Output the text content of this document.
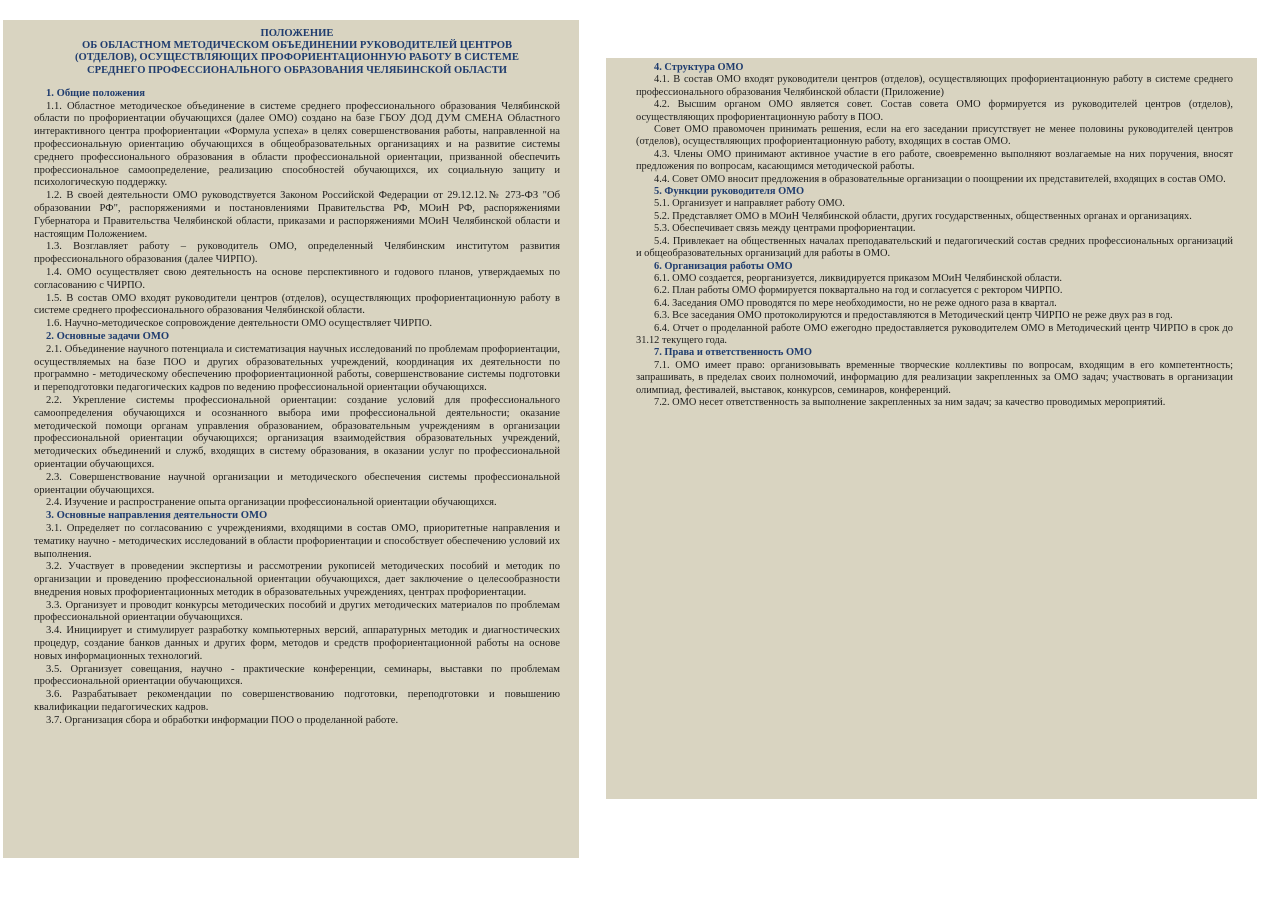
ПОЛОЖЕНИЕ
ОБ ОБЛАСТНОМ МЕТОДИЧЕСКОМ ОБЪЕДИНЕНИИ РУКОВОДИТЕЛЕЙ ЦЕНТРОВ
(ОТДЕЛОВ), ОСУЩЕСТВЛЯЮЩИХ ПРОФОРИЕНТАЦИОННУЮ РАБОТУ В СИСТЕМЕ
СРЕДНЕГО ПРОФЕССИОНАЛЬНОГО ОБРАЗОВАНИЯ ЧЕЛЯБИНСКОЙ ОБЛАСТИ

1. Общие положения

1.1. Областное методическое объединение в системе среднего профессионального образования Челябинской области по профориентации обучающихся (далее ОМО) создано на базе ГБОУ ДОД ДУМ СМЕНА Областного интерактивного центра профориентации «Формула успеха» в целях совершенствования работы, направленной на профессиональную ориентацию обучающихся в общеобразовательных организациях и на развитие системы среднего профессионального образования в области профессиональной ориентации, призванной обеспечить профессиональное самоопределение, реализацию способностей обучающихся, их социальную защиту и психологическую поддержку.

1.2. В своей деятельности ОМО руководствуется Законом Российской Федерации от 29.12.12.№ 273-ФЗ "Об образовании РФ", распоряжениями и постановлениями Правительства РФ, МОиН РФ, распоряжениями Губернатора и Правительства Челябинской области, приказами и распоряжениями МОиН Челябинской области и настоящим Положением.

1.3. Возглавляет работу – руководитель ОМО, определенный Челябинским институтом развития профессионального образования (далее ЧИРПО).

1.4. ОМО осуществляет свою деятельность на основе перспективного и годового планов, утверждаемых по согласованию с ЧИРПО.

1.5. В состав ОМО входят руководители центров (отделов), осуществляющих профориентационную работу в системе среднего профессионального образования Челябинской области.

1.6. Научно-методическое сопровождение деятельности ОМО осуществляет ЧИРПО.

2. Основные задачи ОМО

2.1. Объединение научного потенциала и систематизация научных исследований по проблемам профориентации, осуществляемых на базе ПОО и других образовательных учреждений, координация их деятельности по программно - методическому обеспечению профориентационной работы, совершенствование системы подготовки и переподготовки педагогических кадров по ведению профессиональной ориентации обучающихся.

2.2. Укрепление системы профессиональной ориентации: создание условий для профессионального самоопределения обучающихся и осознанного выбора ими профессиональной деятельности; оказание методической помощи органам управления образованием, образовательным учреждениям в организации профессиональной ориентации обучающихся; организация взаимодействия образовательных учреждений, методических объединений и служб, входящих в систему образования, в оказании услуг по профессиональной ориентации обучающихся.

2.3. Совершенствование научной организации и методического обеспечения системы профессиональной ориентации обучающихся.

2.4. Изучение и распространение опыта организации профессиональной ориентации обучающихся.

3. Основные направления деятельности ОМО

3.1. Определяет по согласованию с учреждениями, входящими в состав ОМО, приоритетные направления и тематику научно - методических исследований в области профориентации и способствует обеспечению условий их выполнения.

3.2. Участвует в проведении экспертизы и рассмотрении рукописей методических пособий и методик по организации и проведению профессиональной ориентации обучающихся, дает заключение о целесообразности внедрения новых профориентационных методик в образовательных учреждениях, центрах профориентации.

3.3. Организует и проводит конкурсы методических пособий и других методических материалов по проблемам профессиональной ориентации обучающихся.

3.4. Инициирует и стимулирует разработку компьютерных версий, аппаратурных методик и диагностических процедур, создание банков данных и других форм, методов и средств профориентационной работы на основе новых информационных технологий.

3.5. Организует совещания, научно - практические конференции, семинары, выставки по проблемам профессиональной ориентации обучающихся.

3.6. Разрабатывает рекомендации по совершенствованию подготовки, переподготовки и повышению квалификации педагогических кадров.

3.7. Организация сбора и обработки информации ПОО о проделанной работе.

4. Структура ОМО

4.1. В состав ОМО входят руководители центров (отделов), осуществляющих профориентационную работу в системе среднего профессионального образования Челябинской области (Приложение)

4.2. Высшим органом ОМО является совет. Состав совета ОМО формируется из руководителей центров (отделов), осуществляющих профориентационную работу в ПОО.

Совет ОМО правомочен принимать решения, если на его заседании присутствует не менее половины руководителей центров (отделов), осуществляющих профориентационную работу, входящих в состав ОМО.

4.3. Члены ОМО принимают активное участие в его работе, своевременно выполняют возлагаемые на них поручения, вносят предложения по вопросам, касающимся методической работы.

4.4. Совет ОМО вносит предложения в образовательные организации о поощрении их представителей, входящих в состав ОМО.

5. Функции руководителя ОМО

5.1. Организует и направляет работу ОМО.

5.2. Представляет ОМО в МОиН Челябинской области, других государственных, общественных органах и организациях.

5.3. Обеспечивает связь между центрами профориентации.

5.4. Привлекает на общественных началах преподавательский и педагогический состав средних профессиональных организаций и общеобразовательных организаций для работы в ОМО.

6. Организация работы ОМО

6.1. ОМО создается, реорганизуется, ликвидируется приказом МОиН Челябинской области.

6.2. План работы ОМО формируется поквартально на год и согласуется с ректором ЧИРПО.

6.4. Заседания ОМО проводятся по мере необходимости, но не реже одного раза в квартал.

6.3. Все заседания ОМО протоколируются и предоставляются в Методический центр ЧИРПО не реже двух раз в год.

6.4. Отчет о проделанной работе ОМО ежегодно предоставляется руководителем ОМО в Методический центр ЧИРПО в срок до 31.12 текущего года.

7. Права и ответственность ОМО

7.1. ОМО имеет право: организовывать временные творческие коллективы по вопросам, входящим в его компетентность; запрашивать, в пределах своих полномочий, информацию для реализации закрепленных за ОМО задач; участвовать в организации олимпиад, фестивалей, выставок, конкурсов, семинаров, конференций.

7.2. ОМО несет ответственность за выполнение закрепленных за ним задач; за качество проводимых мероприятий.
